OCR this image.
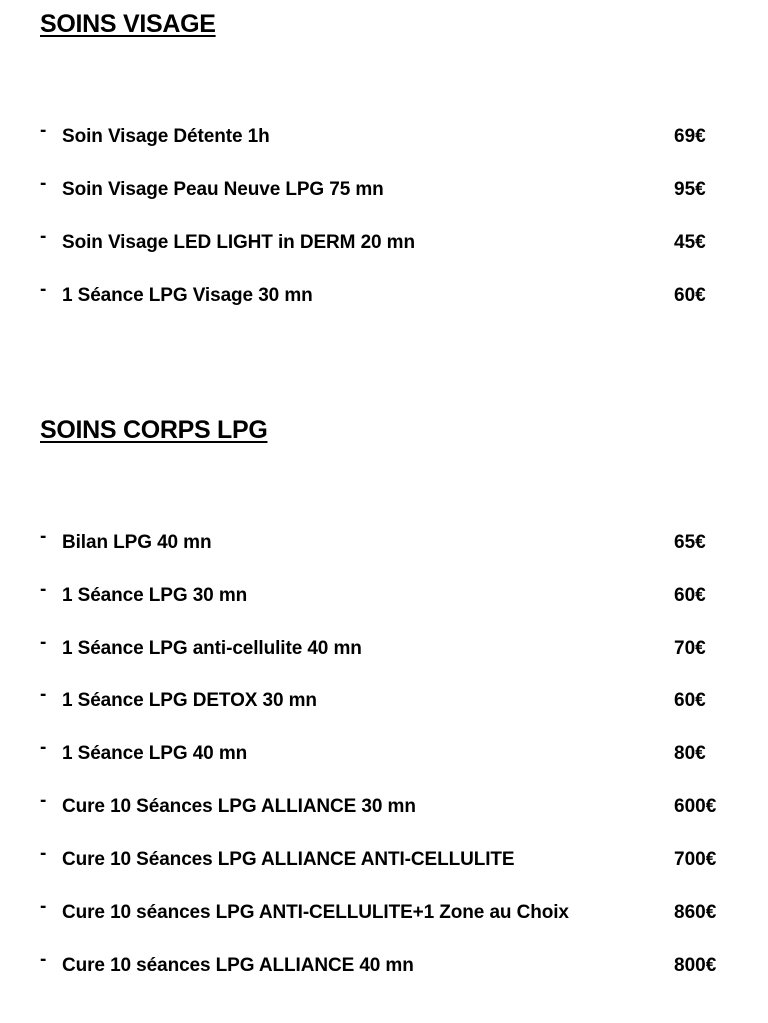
SOINS VISAGE
- Soin Visage Détente 1h	69€
- Soin Visage Peau Neuve LPG 75 mn	95€
- Soin Visage LED LIGHT in DERM 20 mn	45€
- 1 Séance LPG Visage 30 mn	60€
SOINS CORPS LPG
- Bilan LPG 40 mn	65€
- 1 Séance LPG 30 mn	60€
- 1 Séance LPG anti-cellulite 40 mn	70€
- 1 Séance LPG DETOX 30 mn	60€
- 1 Séance LPG 40 mn	80€
- Cure 10 Séances LPG ALLIANCE 30 mn	600€
- Cure 10 Séances LPG ALLIANCE ANTI-CELLULITE	700€
- Cure 10 séances LPG ANTI-CELLULITE+1 Zone au Choix	860€
- Cure 10 séances LPG ALLIANCE 40 mn	800€
